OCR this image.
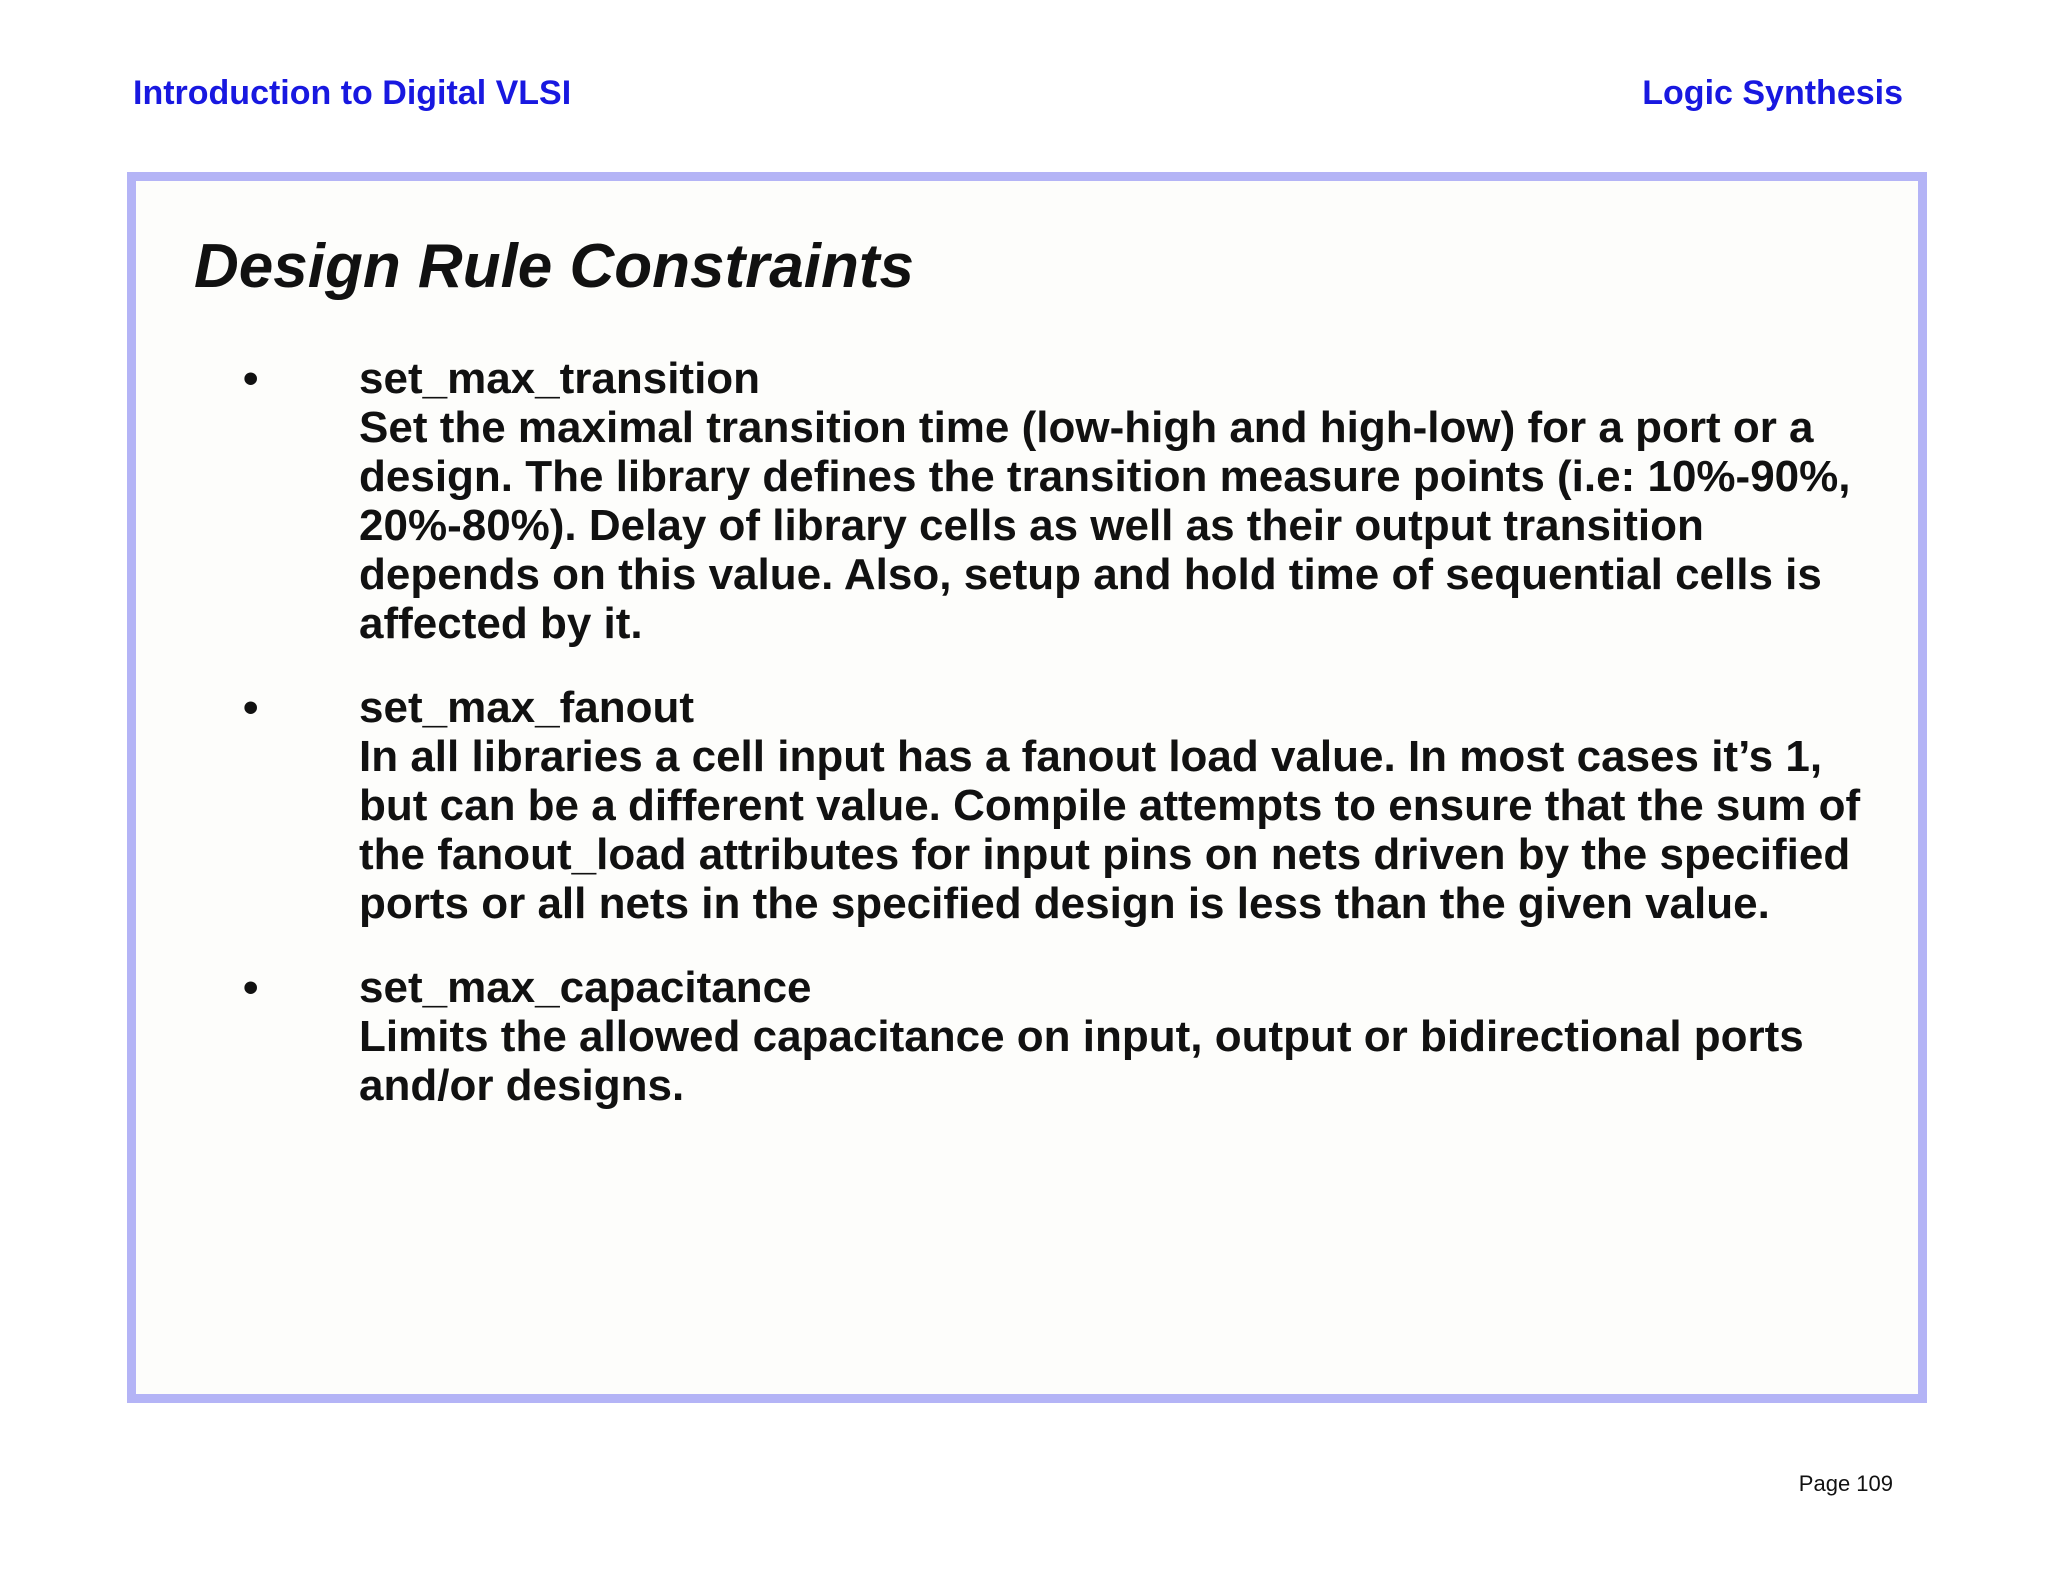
Introduction to Digital VLSI	Logic Synthesis
Design Rule Constraints
•	set_max_transition
Set the maximal transition time (low-high and high-low) for a port or a design. The library defines the transition measure points (i.e: 10%-90%, 20%-80%). Delay of library cells as well as their output transition depends on this value. Also, setup and hold time of sequential cells is affected by it.
•	set_max_fanout
In all libraries a cell input has a fanout load value. In most cases it’s 1, but can be a different value. Compile attempts to ensure that the sum of the fanout_load attributes for input pins on nets driven by the specified ports or all nets in the specified design is less than the given value.
•	set_max_capacitance
Limits the allowed capacitance on input, output or bidirectional ports and/or designs.
Page 109
